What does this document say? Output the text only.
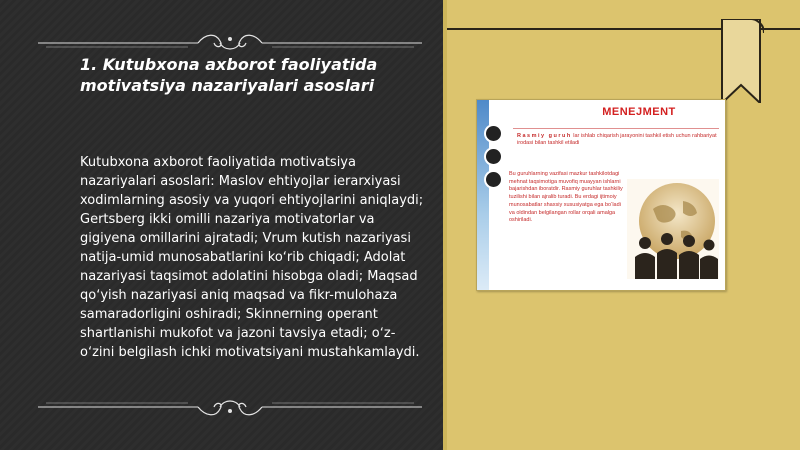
1. Kutubxona axborot faoliyatida motivatsiya nazariyalari asoslari

Kutubxona axborot faoliyatida motivatsiya nazariyalari asoslari: Maslov ehtiyojlar ierarxiyasi xodimlarning asosiy va yuqori ehtiyojlarini aniqlaydi; Gertsberg ikki omilli nazariya motivatorlar va gigiyena omillarini ajratadi; Vrum kutish nazariyasi natija-umid munosabatlarini koʻrib chiqadi; Adolat nazariyasi taqsimot adolatini hisobga oladi; Maqsad qoʻyish nazariyasi aniq maqsad va fikr-mulohaza samaradorligini oshiradi; Skinnerning operant shartlanishi mukofot va jazoni tavsiya etadi; oʻz-oʻzini belgilash ichki motivatsiyani mustahkamlaydi.

MENEJMENT

Rasmiy guruh lar ishlab chiqarish jarayonini tashkil etish uchun rahbariyat irodasi bilan tashkil etiladi

Bu guruhlarning vazifasi mazkur tashkilotdagi mehnat taqsimotiga muvofiq muayyan ishlarni bajarishdan iboratdir. Rasmiy guruhlar tashkiliy tuzilishi bilan ajralib turadi. Bu erdagi ijtimoiy munosabatlar shaxsiy xususiyatga ega bo‘ladi va oldindan belgilangan rollar orqali amalga oshiriladi.
